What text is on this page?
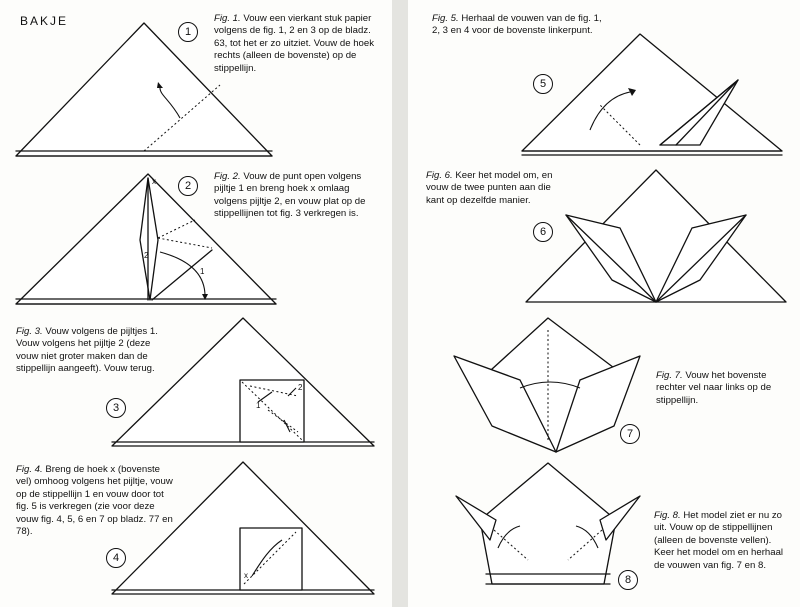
BAKJE
x
2
1
2
1
x
1
2
3
4
5
6
7
8
Fig. 1. Vouw een vierkant stuk papier volgens de fig. 1, 2 en 3 op de bladz. 63, tot het er zo uitziet. Vouw de hoek rechts (alleen de bovenste) op de stippellijn.
Fig. 2. Vouw de punt open volgens pijltje 1 en breng hoek x omlaag volgens pijltje 2, en vouw plat op de stippellijnen tot fig. 3 verkregen is.
Fig. 3. Vouw volgens de pijltjes 1. Vouw volgens het pijltje 2 (deze vouw niet groter maken dan de stippellijn aangeeft). Vouw terug.
Fig. 4. Breng de hoek x (bovenste vel) omhoog volgens het pijltje, vouw op de stippellijn 1 en vouw door tot fig. 5 is verkregen (zie voor deze vouw fig. 4, 5, 6 en 7 op bladz. 77 en 78).
Fig. 5. Herhaal de vouwen van de fig. 1, 2, 3 en 4 voor de bovenste linkerpunt.
Fig. 6. Keer het model om, en vouw de twee punten aan die kant op dezelfde manier.
Fig. 7. Vouw het bovenste rechter vel naar links op de stippellijn.
Fig. 8. Het model ziet er nu zo uit. Vouw op de stippellijnen (alleen de bovenste vellen). Keer het model om en herhaal de vouwen van fig. 7 en 8.
